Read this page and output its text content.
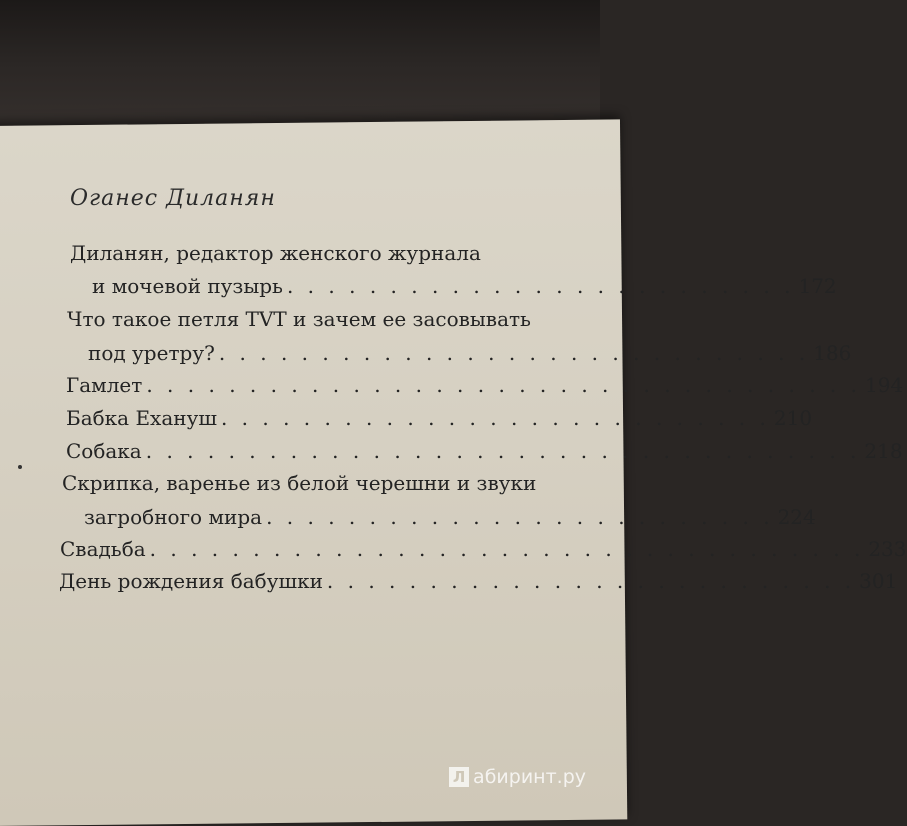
Оганес Диланян
Диланян, редактор женского журнала
и мочевой пузырь . . . . . . . . . . . . . . . . . . . . . . . . . 172
Что такое петля TVT и зачем ее засовывать
под уретру? . . . . . . . . . . . . . . . . . . . . . . . . . . . . . 186
Гамлет . . . . . . . . . . . . . . . . . . . . . . . . . . . . . . . . . . . 194
Бабка Ехануш . . . . . . . . . . . . . . . . . . . . . . . . . . . 210
Собака . . . . . . . . . . . . . . . . . . . . . . . . . . . . . . . . . . . 218
Скрипка, варенье из белой черешни и звуки
загробного мира . . . . . . . . . . . . . . . . . . . . . . . . . 224
Свадьба . . . . . . . . . . . . . . . . . . . . . . . . . . . . . . . . . . . 233
День рождения бабушки . . . . . . . . . . . . . . . . . . . . . . . . . . 301
Л абиринт.ру
